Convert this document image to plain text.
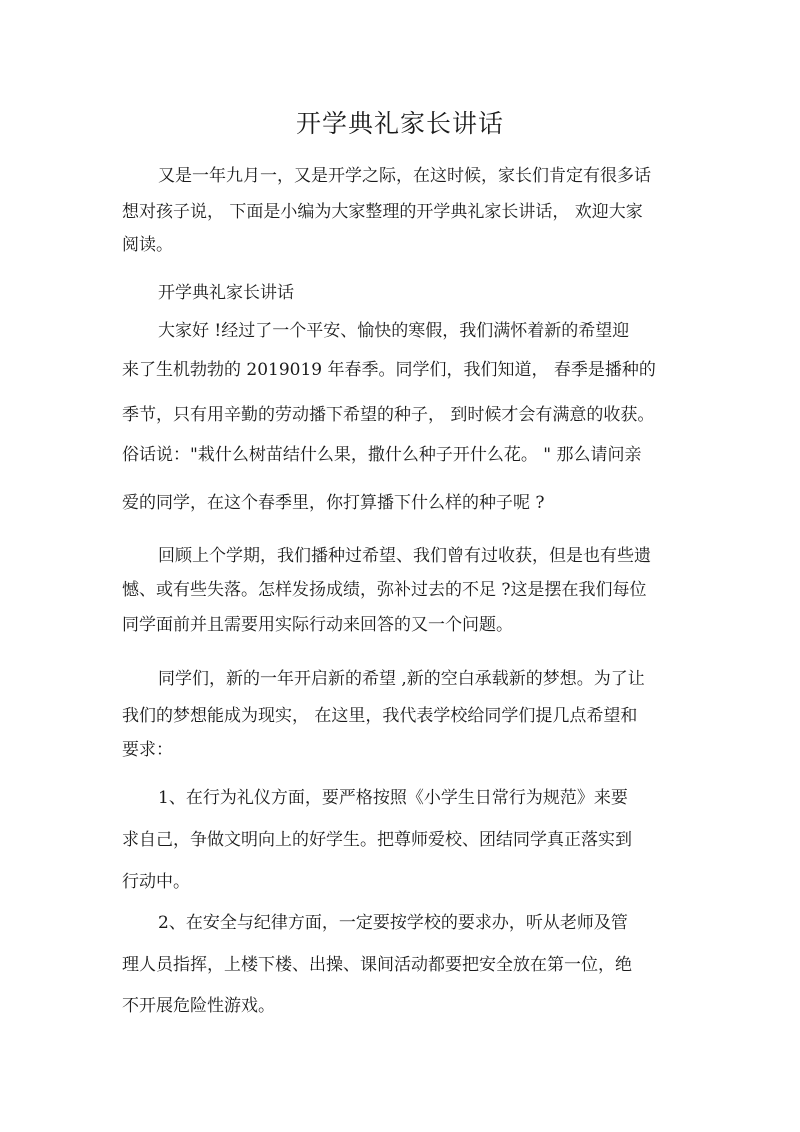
开学典礼家长讲话
又是一年九月一，又是开学之际，在这时候，家长们肯定有很多话
想对孩子说， 下面是小编为大家整理的开学典礼家长讲话， 欢迎大家
阅读。
开学典礼家长讲话
大家好 !经过了一个平安、愉快的寒假，我们满怀着新的希望迎
来了生机勃勃的 2019019 年春季。同学们，我们知道， 春季是播种的
季节，只有用辛勤的劳动播下希望的种子， 到时候才会有满意的收获。
俗话说："栽什么树苗结什么果，撒什么种子开什么花。 " 那么请问亲
爱的同学，在这个春季里，你打算播下什么样的种子呢 ?
回顾上个学期，我们播种过希望、我们曾有过收获，但是也有些遗
憾、或有些失落。怎样发扬成绩，弥补过去的不足 ?这是摆在我们每位
同学面前并且需要用实际行动来回答的又一个问题。
同学们，新的一年开启新的希望 ,新的空白承载新的梦想。为了让
我们的梦想能成为现实， 在这里，我代表学校给同学们提几点希望和
要求：
1、在行为礼仪方面，要严格按照《小学生日常行为规范》来要
求自己，争做文明向上的好学生。把尊师爱校、团结同学真正落实到
行动中。
2、在安全与纪律方面，一定要按学校的要求办，听从老师及管
理人员指挥，上楼下楼、出操、课间活动都要把安全放在第一位，绝
不开展危险性游戏。
